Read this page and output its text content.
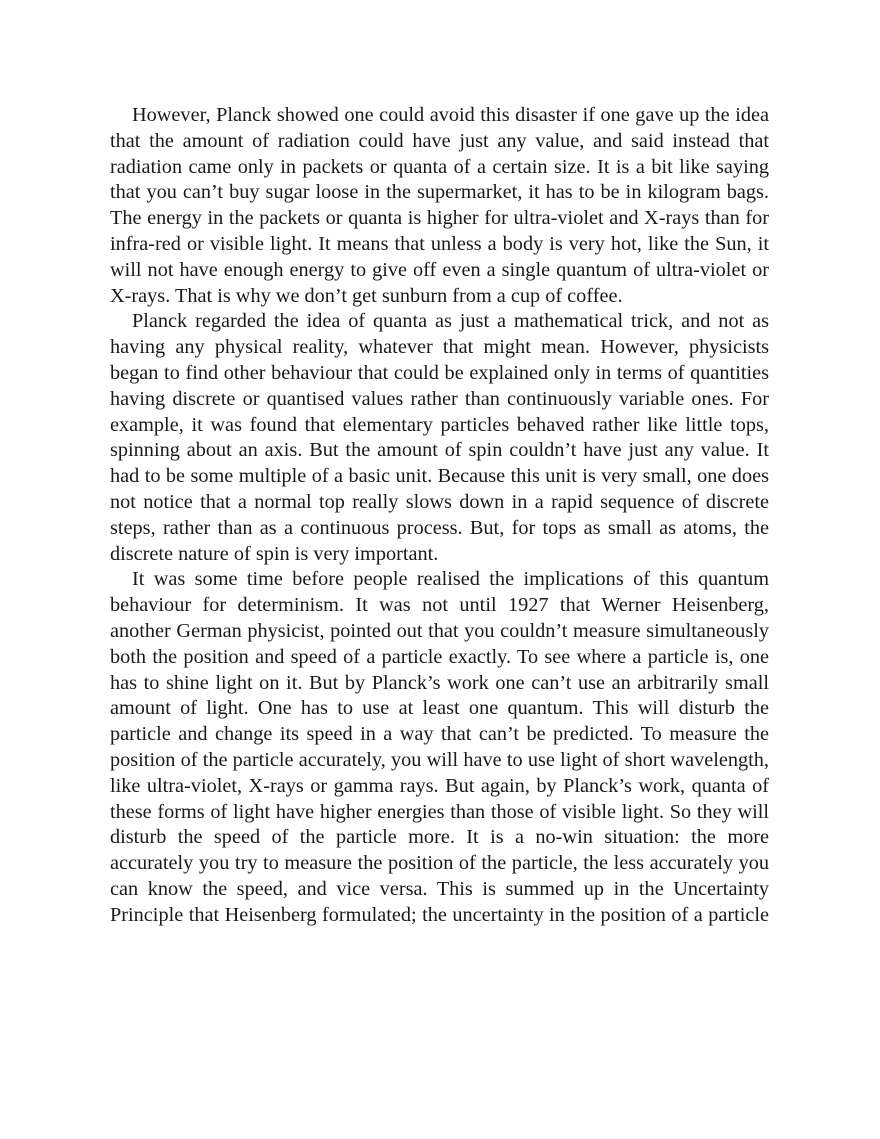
However, Planck showed one could avoid this disaster if one gave up the idea that the amount of radiation could have just any value, and said instead that radiation came only in packets or quanta of a certain size. It is a bit like saying that you can’t buy sugar loose in the supermarket, it has to be in kilogram bags. The energy in the packets or quanta is higher for ultra-violet and X-rays than for infra-red or visible light. It means that unless a body is very hot, like the Sun, it will not have enough energy to give off even a single quantum of ultra-violet or X-rays. That is why we don’t get sunburn from a cup of coffee.

Planck regarded the idea of quanta as just a mathematical trick, and not as having any physical reality, whatever that might mean. However, physicists began to find other behaviour that could be explained only in terms of quantities having discrete or quantised values rather than continuously variable ones. For example, it was found that elementary particles behaved rather like little tops, spinning about an axis. But the amount of spin couldn’t have just any value. It had to be some multiple of a basic unit. Because this unit is very small, one does not notice that a normal top really slows down in a rapid sequence of discrete steps, rather than as a continuous process. But, for tops as small as atoms, the discrete nature of spin is very important.

It was some time before people realised the implications of this quantum behaviour for determinism. It was not until 1927 that Werner Heisenberg, another German physicist, pointed out that you couldn’t measure simultaneously both the position and speed of a particle exactly. To see where a particle is, one has to shine light on it. But by Planck’s work one can’t use an arbitrarily small amount of light. One has to use at least one quantum. This will disturb the particle and change its speed in a way that can’t be predicted. To measure the position of the particle accurately, you will have to use light of short wavelength, like ultra-violet, X-rays or gamma rays. But again, by Planck’s work, quanta of these forms of light have higher energies than those of visible light. So they will disturb the speed of the particle more. It is a no-win situation: the more accurately you try to measure the position of the particle, the less accurately you can know the speed, and vice versa. This is summed up in the Uncertainty Principle that Heisenberg formulated; the uncertainty in the position of a particle
